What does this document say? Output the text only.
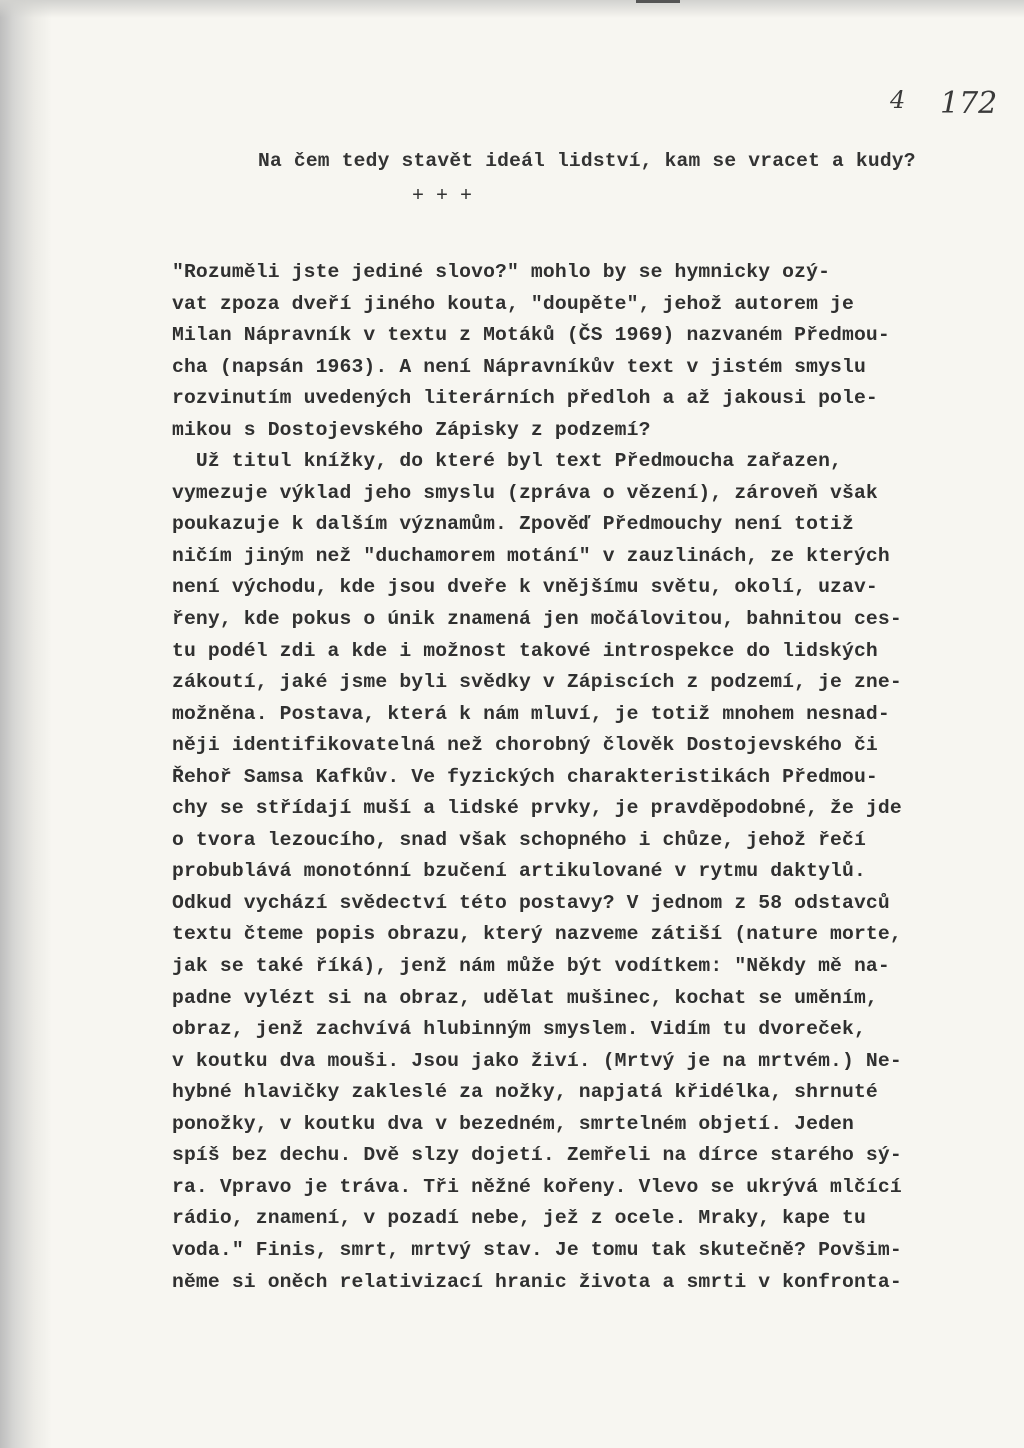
4 172
Na čem tedy stavět ideál lidství, kam se vracet a kudy?
+ + +
"Rozuměli jste jediné slovo?" mohlo by se hymnicky ozý-
vat zpoza dveří jiného kouta, "doupěte", jehož autorem je
Milan Nápravník v textu z Motáků (ČS 1969) nazvaném Předmou-
cha (napsán 1963). A není Nápravníkův text v jistém smyslu
rozvinutím uvedených literárních předloh a až jakousi pole-
mikou s Dostojevského Zápisky z podzemí?
Už titul knížky, do které byl text Předmoucha zařazen,
vymezuje výklad jeho smyslu (zpráva o vězení), zároveň však
poukazuje k dalším významům. Zpověď Předmouchy není totiž
ničím jiným než "duchamorem motání" v zauzlinách, ze kterých
není východu, kde jsou dveře k vnějšímu světu, okolí, uzav-
řeny, kde pokus o únik znamená jen močálovitou, bahnitou ces-
tu podél zdi a kde i možnost takové introspekce do lidských
zákoutí, jaké jsme byli svědky v Zápiscích z podzemí, je zne-
možněna. Postava, která k nám mluví, je totiž mnohem nesnad-
něji identifikovatelná než chorobný člověk Dostojevského či
Řehoř Samsa Kafkův. Ve fyzických charakteristikách Předmou-
chy se střídají muší a lidské prvky, je pravděpodobné, že jde
o tvora lezoucího, snad však schopného i chůze, jehož řečí
probublává monotónní bzučení artikulované v rytmu daktylů.
Odkud vychází svědectví této postavy? V jednom z 58 odstavců
textu čteme popis obrazu, který nazveme zátiší (nature morte,
jak se také říká), jenž nám může být vodítkem: "Někdy mě na-
padne vylézt si na obraz, udělat mušinec, kochat se uměním,
obraz, jenž zachvívá hlubinným smyslem. Vidím tu dvoreček,
v koutku dva mouši. Jsou jako živí. (Mrtvý je na mrtvém.) Ne-
hybné hlavičky zakleslé za nožky, napjatá křidélka, shrnuté
ponožky, v koutku dva v bezedném, smrtelném objetí. Jeden
spíš bez dechu. Dvě slzy dojetí. Zemřeli na dírce starého sý-
ra. Vpravo je tráva. Tři něžné kořeny. Vlevo se ukrývá mlčící
rádio, znamení, v pozadí nebe, jež z ocele. Mraky, kape tu
voda." Finis, smrt, mrtvý stav. Je tomu tak skutečně? Povšim-
něme si oněch relativizací hranic života a smrti v konfronta-
